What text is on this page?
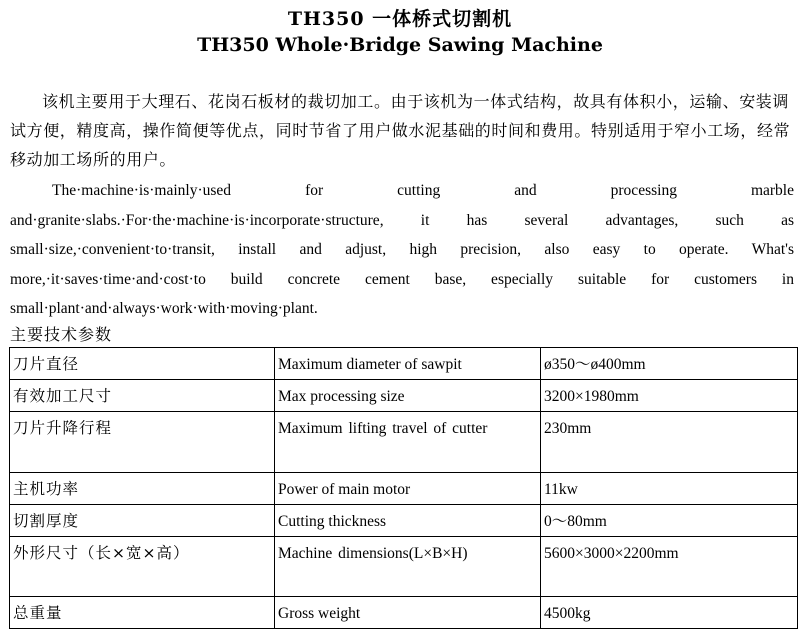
TH350 一体桥式切割机
TH350 Whole·Bridge Sawing Machine

该机主要用于大理石、花岗石板材的裁切加工。由于该机为一体式结构，故具有体积小，运输、安装调试方便，精度高，操作简便等优点，同时节省了用户做水泥基础的时间和费用。特别适用于窄小工场，经常移动加工场所的用户。

The·machine·is·mainly·used for cutting and processing marble and·granite·slabs.·For·the·machine·is·incorporate·structure, it has several advantages, such as small·size,·convenient·to·transit, install and adjust, high precision, also easy to operate. What's more,·it·saves·time·and·cost·to build concrete cement base, especially suitable for customers in small·plant·and·always·work·with·moving·plant.

主要技术参数

刀片直径	Maximum diameter of sawpit	ø350～ø400mm
有效加工尺寸	Max processing size	3200×1980mm
刀片升降行程	Maximum lifting travel of cutter	230mm
主机功率	Power of main motor	11kw
切割厚度	Cutting thickness	0～80mm
外形尺寸（长×宽×高）	Machine dimensions(L×B×H)	5600×3000×2200mm
总重量	Gross weight	4500kg
